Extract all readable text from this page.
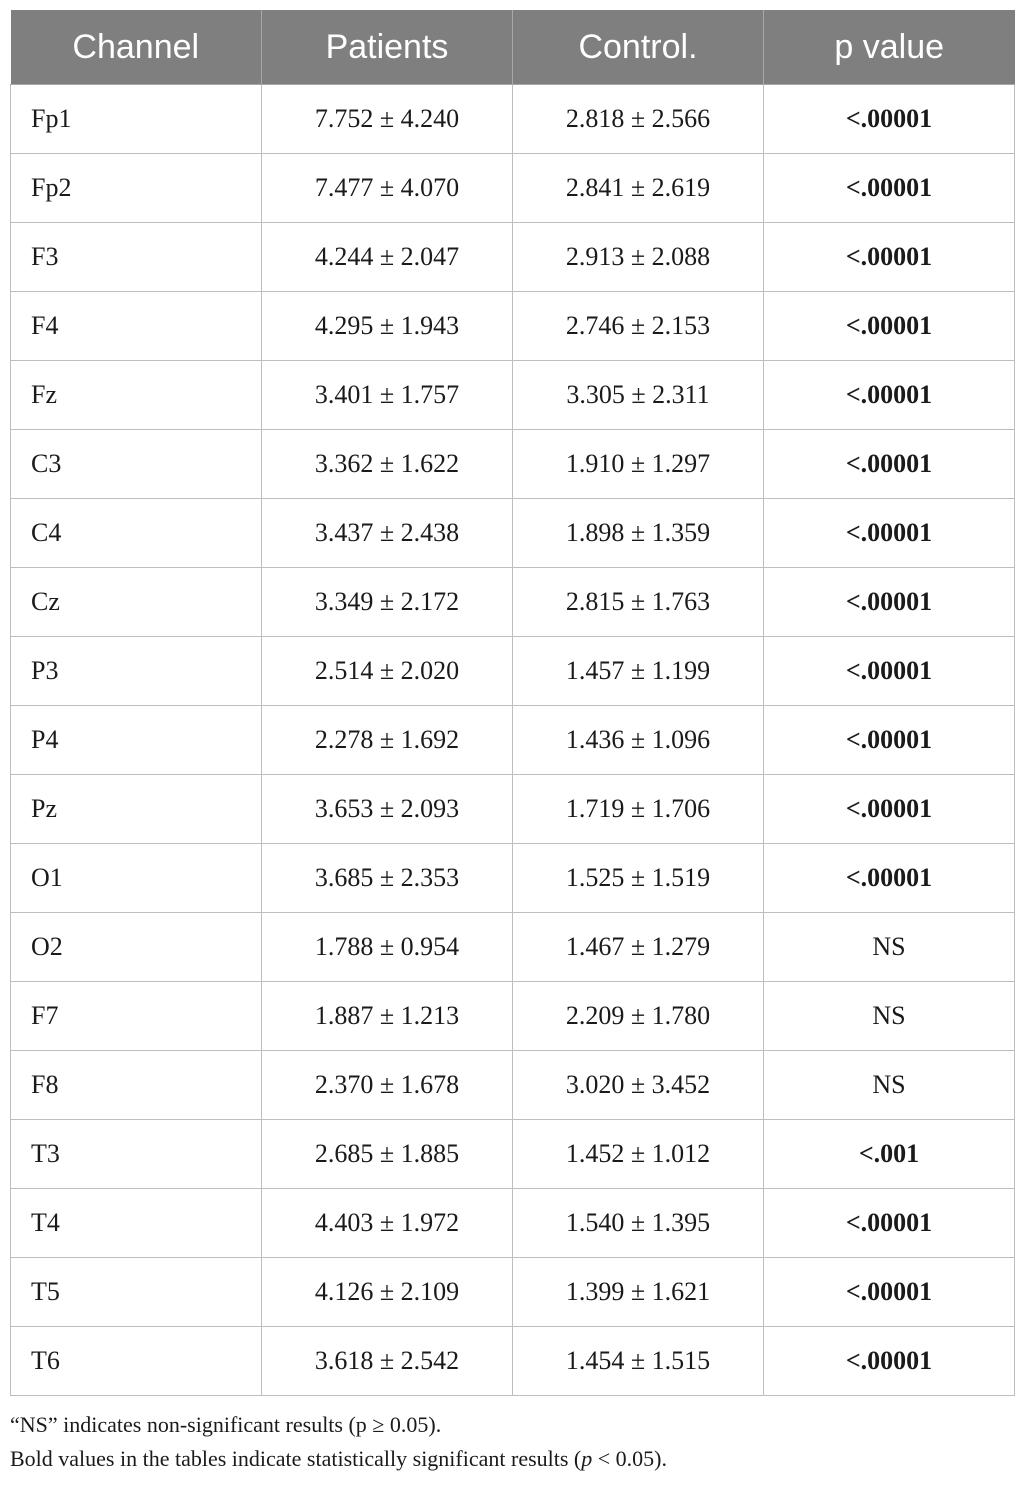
Channel	Patients	Control.	p value
Fp1	7.752 ± 4.240	2.818 ± 2.566	<.00001
Fp2	7.477 ± 4.070	2.841 ± 2.619	<.00001
F3	4.244 ± 2.047	2.913 ± 2.088	<.00001
F4	4.295 ± 1.943	2.746 ± 2.153	<.00001
Fz	3.401 ± 1.757	3.305 ± 2.311	<.00001
C3	3.362 ± 1.622	1.910 ± 1.297	<.00001
C4	3.437 ± 2.438	1.898 ± 1.359	<.00001
Cz	3.349 ± 2.172	2.815 ± 1.763	<.00001
P3	2.514 ± 2.020	1.457 ± 1.199	<.00001
P4	2.278 ± 1.692	1.436 ± 1.096	<.00001
Pz	3.653 ± 2.093	1.719 ± 1.706	<.00001
O1	3.685 ± 2.353	1.525 ± 1.519	<.00001
O2	1.788 ± 0.954	1.467 ± 1.279	NS
F7	1.887 ± 1.213	2.209 ± 1.780	NS
F8	2.370 ± 1.678	3.020 ± 3.452	NS
T3	2.685 ± 1.885	1.452 ± 1.012	<.001
T4	4.403 ± 1.972	1.540 ± 1.395	<.00001
T5	4.126 ± 2.109	1.399 ± 1.621	<.00001
T6	3.618 ± 2.542	1.454 ± 1.515	<.00001

“NS” indicates non-significant results (p ≥ 0.05).

Bold values in the tables indicate statistically significant results (p < 0.05).
